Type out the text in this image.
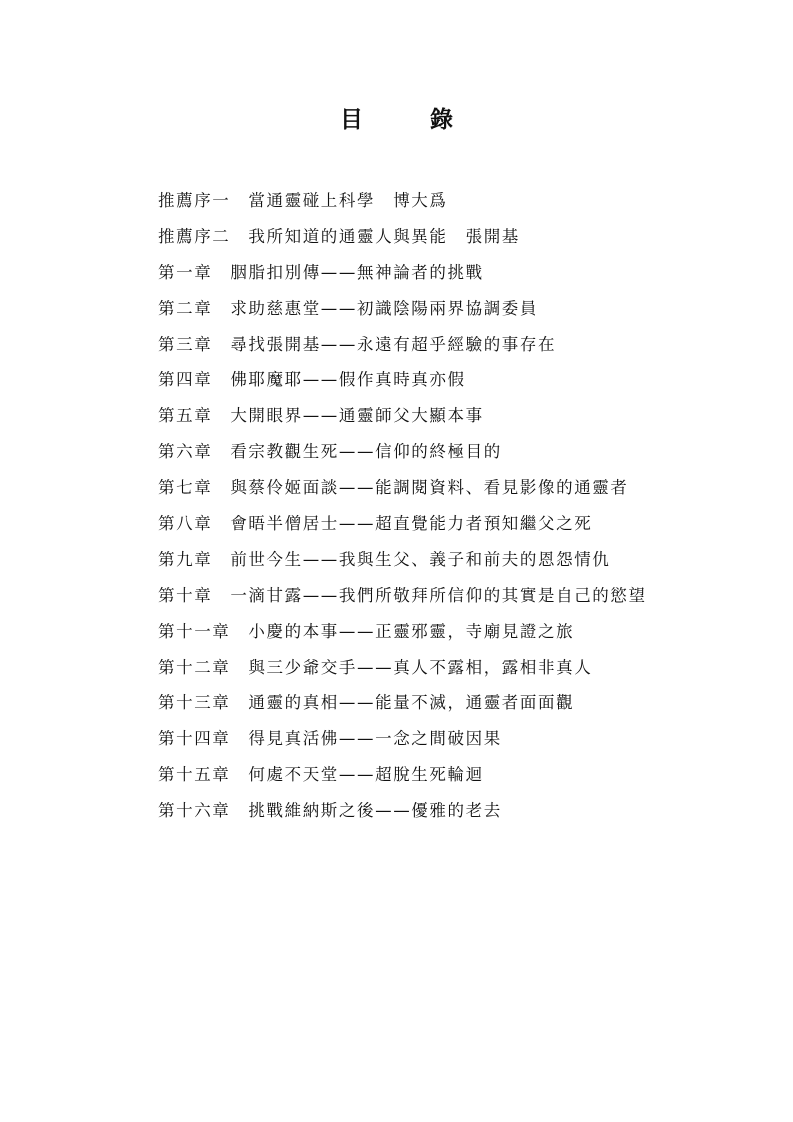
目　錄
推薦序一 當通靈碰上科學　博大爲
推薦序二 我所知道的通靈人與異能　張開基
第一章 胭脂扣別傳——無神論者的挑戰
第二章 求助慈惠堂——初識陰陽兩界協調委員
第三章 尋找張開基——永遠有超乎經驗的事存在
第四章 佛耶魔耶——假作真時真亦假
第五章 大開眼界——通靈師父大顯本事
第六章 看宗教觀生死——信仰的終極目的
第七章 與蔡伶姬面談——能調閱資料、看見影像的通靈者
第八章 會晤半僧居士——超直覺能力者預知繼父之死
第九章 前世今生——我與生父、義子和前夫的恩怨情仇
第十章 一滴甘露——我們所敬拜所信仰的其實是自己的慾望
第十一章 小慶的本事——正靈邪靈，寺廟見證之旅
第十二章 與三少爺交手——真人不露相，露相非真人
第十三章 通靈的真相——能量不滅，通靈者面面觀
第十四章 得見真活佛——一念之間破因果
第十五章 何處不天堂——超脫生死輪迴
第十六章 挑戰維納斯之後——優雅的老去
